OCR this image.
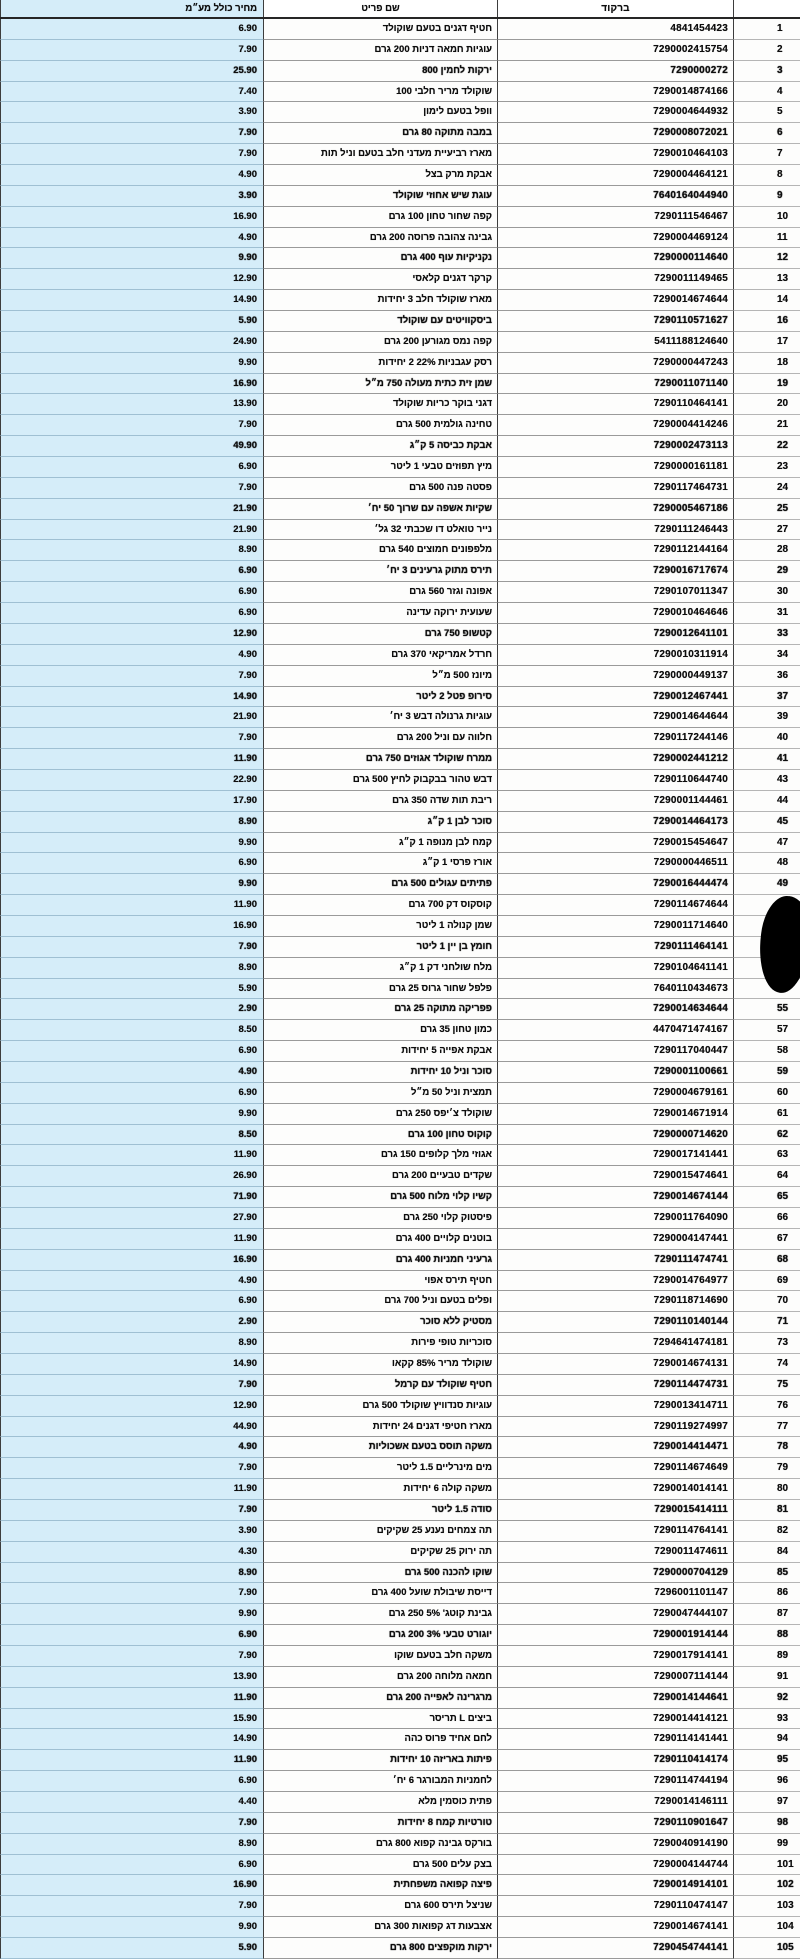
מחיר כולל מע״מ	שם פריט	ברקוד
6.90	חטיף דגנים בטעם שוקולד	4841454423	1
7.90	עוגיות חמאה דניות 200 גרם	7290002415754	2
25.90	ירקות לחמין 800	7290000272	3
7.40	שוקולד מריר חלבי 100	7290014874166	4
3.90	וופל בטעם לימון	7290004644932	5
7.90	במבה מתוקה 80 גרם	7290008072021	6
7.90	מארז רביעיית מעדני חלב בטעם וניל תות	7290010464103	7
4.90	אבקת מרק בצל	7290004464121	8
3.90	עוגת שיש אחוזי שוקולד	7640164044940	9
16.90	קפה שחור טחון 100 גרם	7290111546467	10
4.90	גבינה צהובה פרוסה 200 גרם	7290004469124	11
9.90	נקניקיות עוף 400 גרם	7290000114640	12
12.90	קרקר דגנים קלאסי	7290011149465	13
14.90	מארז שוקולד חלב 3 יחידות	7290014674644	14
5.90	ביסקוויטים עם שוקולד	7290110571627	16
24.90	קפה נמס מגורען 200 גרם	5411188124640	17
9.90	רסק עגבניות 22% 2 יחידות	7290000447243	18
16.90	שמן זית כתית מעולה 750 מ״ל	7290011071140	19
13.90	דגני בוקר כריות שוקולד	7290110464141	20
7.90	טחינה גולמית 500 גרם	7290004414246	21
49.90	אבקת כביסה 5 ק״ג	7290002473113	22
6.90	מיץ תפוזים טבעי 1 ליטר	7290000161181	23
7.90	פסטה פנה 500 גרם	7290117464731	24
21.90	שקיות אשפה עם שרוך 50 יח׳	7290005467186	25
21.90	נייר טואלט דו שכבתי 32 גל׳	7290111246443	27
8.90	מלפפונים חמוצים 540 גרם	7290112144164	28
6.90	תירס מתוק גרעינים 3 יח׳	7290016717674	29
6.90	אפונה וגזר 560 גרם	7290107011347	30
6.90	שעועית ירוקה עדינה	7290010464646	31
12.90	קטשופ 750 גרם	7290012641101	33
4.90	חרדל אמריקאי 370 גרם	7290010311914	34
7.90	מיונז 500 מ״ל	7290000449137	36
14.90	סירופ פטל 2 ליטר	7290012467441	37
21.90	עוגיות גרנולה דבש 3 יח׳	7290014644644	39
7.90	חלווה עם וניל 200 גרם	7290117244146	40
11.90	ממרח שוקולד אגוזים 750 גרם	7290002441212	41
22.90	דבש טהור בבקבוק לחיץ 500 גרם	7290110644740	43
17.90	ריבת תות שדה 350 גרם	7290001144461	44
8.90	סוכר לבן 1 ק״ג	7290014464173	45
9.90	קמח לבן מנופה 1 ק״ג	7290015454647	47
6.90	אורז פרסי 1 ק״ג	7290000446511	48
9.90	פתיתים עגולים 500 גרם	7290016444474	49
11.90	קוסקוס דק 700 גרם	7290114674644
16.90	שמן קנולה 1 ליטר	7290011714640
7.90	חומץ בן יין 1 ליטר	7290111464141
8.90	מלח שולחני דק 1 ק״ג	7290104641141
5.90	פלפל שחור גרוס 25 גרם	7640110434673
2.90	פפריקה מתוקה 25 גרם	7290014634644	55
8.50	כמון טחון 35 גרם	4470471474167	57
6.90	אבקת אפייה 5 יחידות	7290117040447	58
4.90	סוכר וניל 10 יחידות	7290001100661	59
6.90	תמצית וניל 50 מ״ל	7290004679161	60
9.90	שוקולד צ׳יפס 250 גרם	7290014671914	61
8.50	קוקוס טחון 100 גרם	7290000714620	62
11.90	אגוזי מלך קלופים 150 גרם	7290017141441	63
26.90	שקדים טבעיים 200 גרם	7290015474641	64
71.90	קשיו קלוי מלוח 500 גרם	7290014674144	65
27.90	פיסטוק קלוי 250 גרם	7290011764090	66
11.90	בוטנים קלויים 400 גרם	7290004147441	67
16.90	גרעיני חמניות 400 גרם	7290111474741	68
4.90	חטיף תירס אפוי	7290014764977	69
6.90	ופלים בטעם וניל 700 גרם	7290118714690	70
2.90	מסטיק ללא סוכר	7290110140144	71
8.90	סוכריות טופי פירות	7294641474181	73
14.90	שוקולד מריר 85% קקאו	7290014674131	74
7.90	חטיף שוקולד עם קרמל	7290114474731	75
12.90	עוגיות סנדוויץ שוקולד 500 גרם	7290013414711	76
44.90	מארז חטיפי דגנים 24 יחידות	7290119274997	77
4.90	משקה תוסס בטעם אשכוליות	7290014414471	78
7.90	מים מינרליים 1.5 ליטר	7290114674649	79
11.90	משקה קולה 6 יחידות	7290014014141	80
7.90	סודה 1.5 ליטר	7290015414111	81
3.90	תה צמחים נענע 25 שקיקים	7290114764141	82
4.30	תה ירוק 25 שקיקים	7290011474611	84
8.90	שוקו להכנה 500 גרם	7290000704129	85
7.90	דייסת שיבולת שועל 400 גרם	7296001101147	86
9.90	גבינת קוטג' 5% 250 גרם	7290047444107	87
6.90	יוגורט טבעי 3% 200 גרם	7290001914144	88
7.90	משקה חלב בטעם שוקו	7290017914141	89
13.90	חמאה מלוחה 200 גרם	7290007114144	91
11.90	מרגרינה לאפייה 200 גרם	7290014144641	92
15.90	ביצים L תריסר	7290014414121	93
14.90	לחם אחיד פרוס כהה	7290114141441	94
11.90	פיתות באריזה 10 יחידות	7290110414174	95
6.90	לחמניות המבורגר 6 יח׳	7290114744194	96
4.40	פתית כוסמין מלא	7290014146111	97
7.90	טורטיות קמח 8 יחידות	7290110901647	98
8.90	בורקס גבינה קפוא 800 גרם	7290040914190	99
6.90	בצק עלים 500 גרם	7290004144744	101
16.90	פיצה קפואה משפחתית	7290014914101	102
7.90	שניצל תירס 600 גרם	7290110474147	103
9.90	אצבעות דג קפואות 300 גרם	7290014674141	104
5.90	ירקות מוקפצים 800 גרם	7290454744141	105
